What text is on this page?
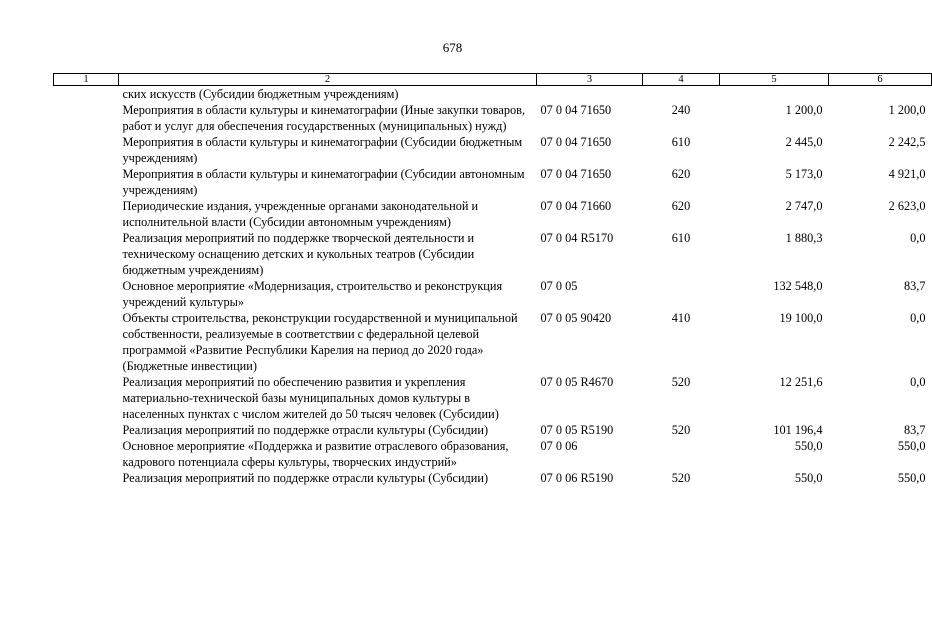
678
1	2	3	4	5	6
	ских искусств (Субсидии бюджетным учреждениям)				
	Мероприятия в области культуры и кинематографии (Иные закупки товаров, работ и услуг для обеспечения государственных (муниципальных) нужд)	07 0 04 71650	240	1 200,0	1 200,0
	Мероприятия в области культуры и кинематографии (Субсидии бюджетным учреждениям)	07 0 04 71650	610	2 445,0	2 242,5
	Мероприятия в области культуры и кинематографии (Субсидии автономным учреждениям)	07 0 04 71650	620	5 173,0	4 921,0
	Периодические издания, учрежденные органами законодательной и исполнительной власти (Субсидии автономным учреждениям)	07 0 04 71660	620	2 747,0	2 623,0
	Реализация мероприятий по поддержке творческой деятельности и техническому оснащению детских и кукольных театров (Субсидии бюджетным учреждениям)	07 0 04 R5170	610	1 880,3	0,0
	Основное мероприятие «Модернизация, строительство и реконструкция учреждений культуры»	07 0 05		132 548,0	83,7
	Объекты строительства, реконструкции государственной и муниципальной собственности, реализуемые в соответствии с федеральной целевой программой «Развитие Республики Карелия на период до 2020 года» (Бюджетные инвестиции)	07 0 05 90420	410	19 100,0	0,0
	Реализация мероприятий по обеспечению развития и укрепления материально-технической базы муниципальных домов культуры в населенных пунктах с числом жителей до 50 тысяч человек (Субсидии)	07 0 05 R4670	520	12 251,6	0,0
	Реализация мероприятий по поддержке отрасли культуры (Субсидии)	07 0 05 R5190	520	101 196,4	83,7
	Основное мероприятие «Поддержка и развитие отраслевого образования, кадрового потенциала сферы культуры, творческих индустрий»	07 0 06		550,0	550,0
	Реализация мероприятий по поддержке отрасли культуры (Субсидии)	07 0 06 R5190	520	550,0	550,0
